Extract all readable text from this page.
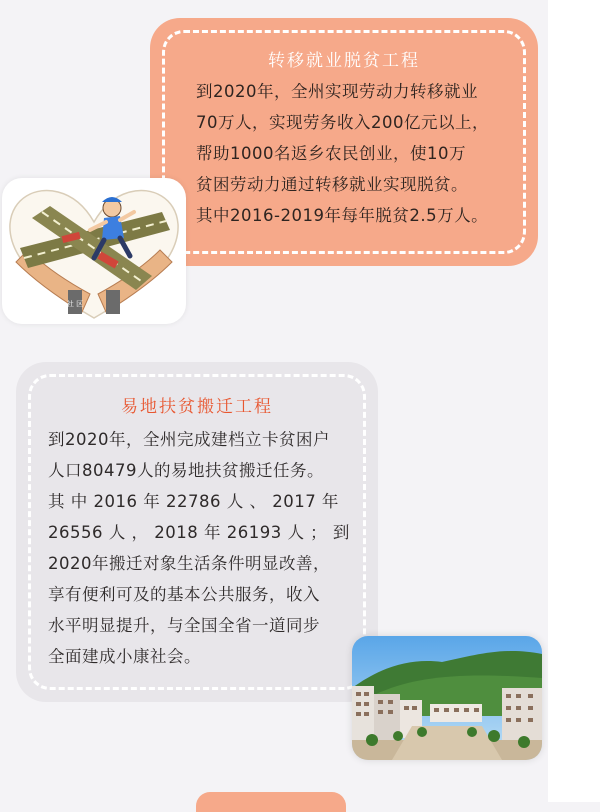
转移就业脱贫工程
到2020年，全州实现劳动力转移就业
70万人，实现劳务收入200亿元以上，
帮助1000名返乡农民创业，使10万
贫困劳动力通过转移就业实现脱贫。
其中2016-2019年每年脱贫2.5万人。
社 区
易地扶贫搬迁工程
到2020年，全州完成建档立卡贫困户
人口80479人的易地扶贫搬迁任务。
其 中 2016 年 22786 人 、 2017 年
26556 人 ， 2018 年 26193 人 ； 到
2020年搬迁对象生活条件明显改善，
享有便利可及的基本公共服务，收入
水平明显提升，与全国全省一道同步
全面建成小康社会。
